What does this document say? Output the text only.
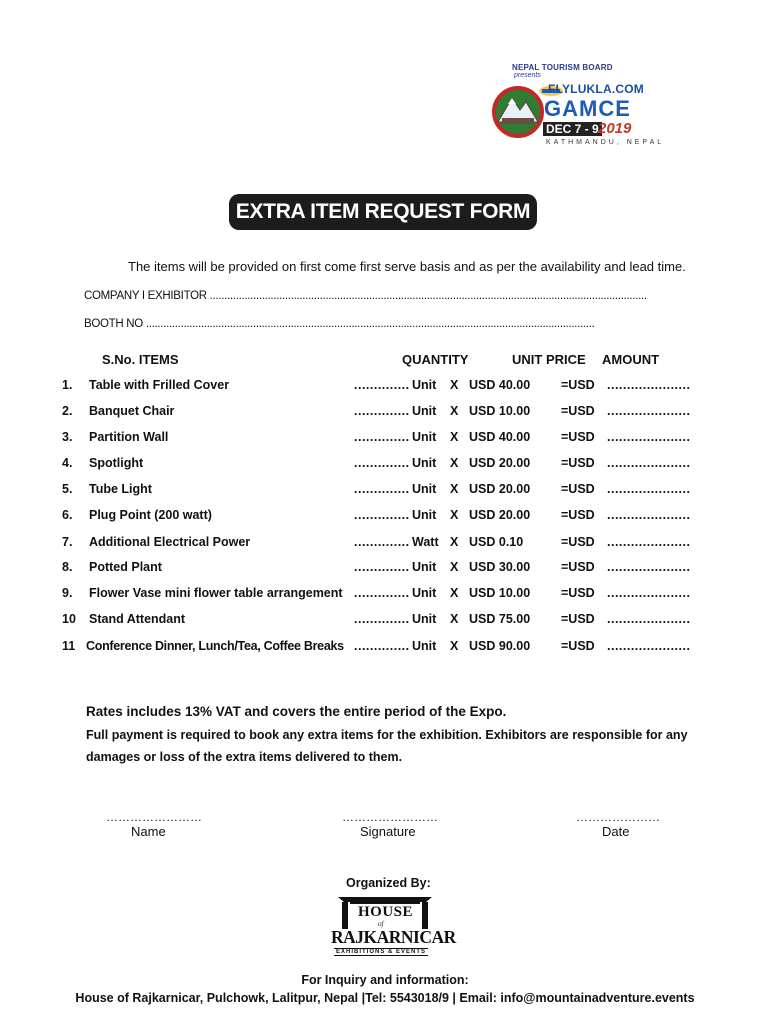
NEPAL TOURISM BOARD
presents
FLYLUKLA.COM
GAMCE
DEC 7 - 9 2019
KATHMANDU, NEPAL
EXTRA ITEM REQUEST FORM
The items will be provided on first come first serve basis and as per the availability and lead time.
COMPANY I EXHIBITOR .......................................................................................................................................................
BOOTH NO ...........................................................................................................................................................
S.No. ITEMS	QUANTITY	UNIT PRICE AMOUNT
1. Table with Frilled Cover	.............. Unit X USD 40.00 =USD .....................
2. Banquet Chair	.............. Unit X USD 10.00 =USD .....................
3. Partition Wall	.............. Unit X USD 40.00 =USD .....................
4. Spotlight	.............. Unit X USD 20.00 =USD .....................
5. Tube Light	.............. Unit X USD 20.00 =USD .....................
6. Plug Point (200 watt)	.............. Unit X USD 20.00 =USD .....................
7. Additional Electrical Power	.............. Watt X USD 0.10	=USD .....................
8. Potted Plant	.............. Unit X USD 30.00 =USD .....................
9. Flower Vase mini flower table arrangement .............. Unit X USD 10.00 =USD .....................
10 Stand Attendant	.............. Unit X USD 75.00 =USD .....................
11 Conference Dinner, Lunch/Tea, Coffee Breaks .............. Unit X USD 90.00 =USD .....................
Rates includes 13% VAT and covers the entire period of the Expo.
Full payment is required to book any extra items for the exhibition. Exhibitors are responsible for any
damages or loss of the extra items delivered to them.
……………………
Name
……………………
Signature
…………………
Date
Organized By:
HOUSE
of
RAJKARNICAR
EXHIBITIONS & EVENTS
For Inquiry and information:
House of Rajkarnicar, Pulchowk, Lalitpur, Nepal |Tel: 5543018/9 | Email: info@mountainadventure.events
